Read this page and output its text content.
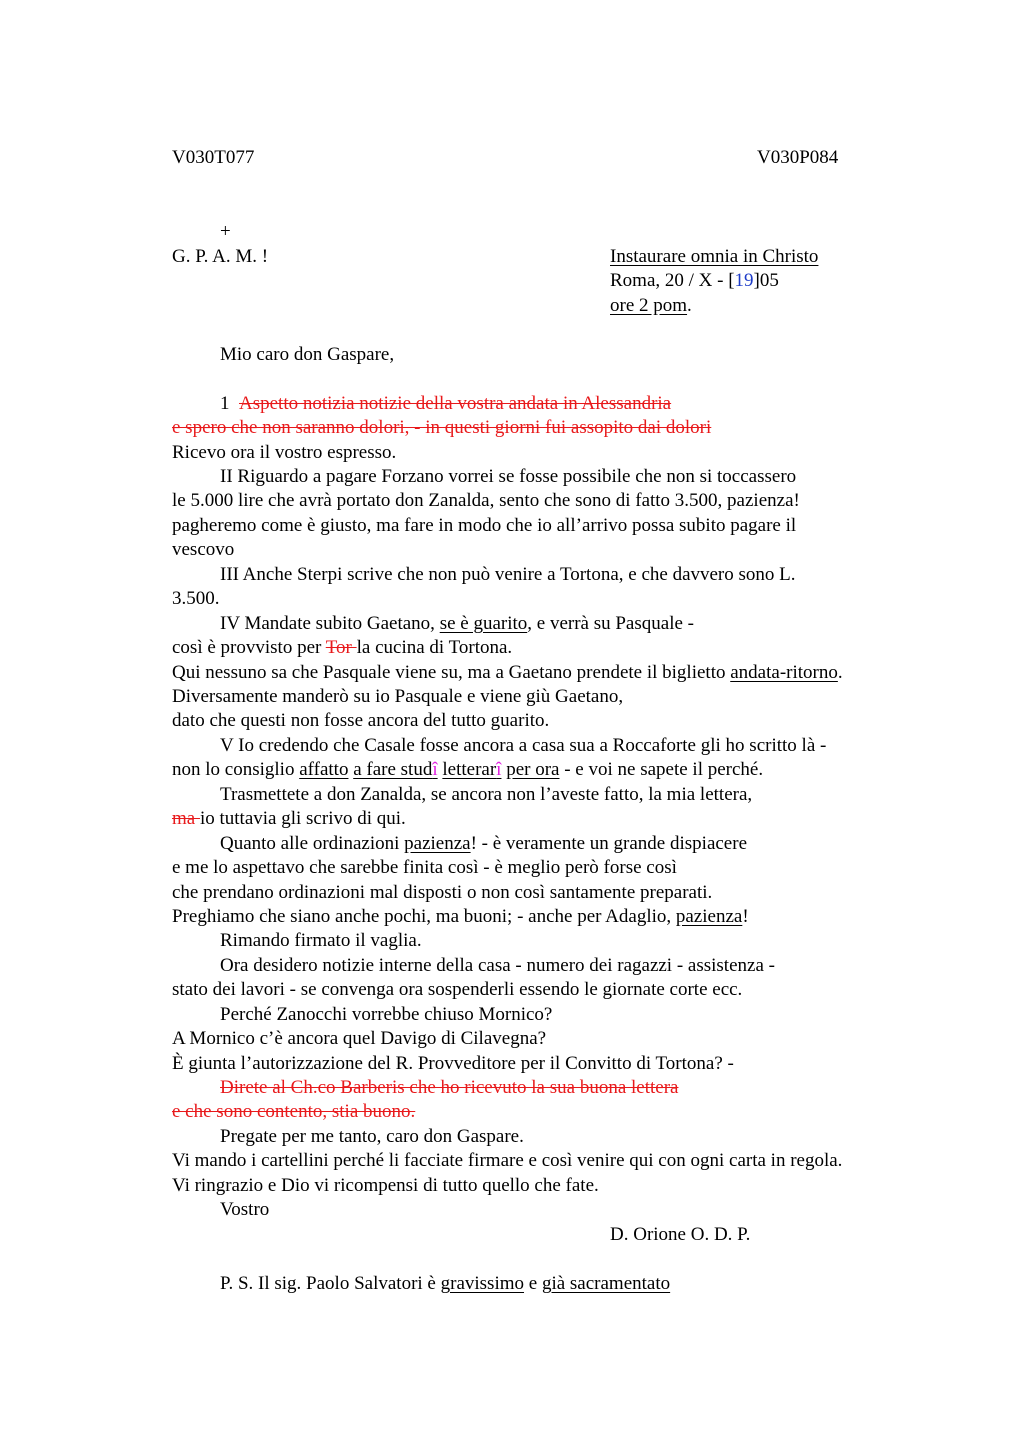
V030T077	V030P084
+
G. P. A. M. !	Instaurare omnia in Christo
Roma, 20 / X - [19]05
ore 2 pom.
Mio caro don Gaspare,
1 Aspetto notizia notizie della vostra andata in Alessandria
e spero che non saranno dolori, - in questi giorni fui assopito dai dolori
Ricevo ora il vostro espresso.
II Riguardo a pagare Forzano vorrei se fosse possibile che non si toccassero
le 5.000 lire che avrà portato don Zanalda, sento che sono di fatto 3.500, pazienza!
pagheremo come è giusto, ma fare in modo che io all’arrivo possa subito pagare il
vescovo
III Anche Sterpi scrive che non può venire a Tortona, e che davvero sono L.
3.500.
IV Mandate subito Gaetano, se è guarito, e verrà su Pasquale -
così è provvisto per Tor la cucina di Tortona.
Qui nessuno sa che Pasquale viene su, ma a Gaetano prendete il biglietto andata-ritorno.
Diversamente manderò su io Pasquale e viene giù Gaetano,
dato che questi non fosse ancora del tutto guarito.
V Io credendo che Casale fosse ancora a casa sua a Roccaforte gli ho scritto là -
non lo consiglio affatto a fare studî letterarî per ora - e voi ne sapete il perché.
Trasmettete a don Zanalda, se ancora non l’aveste fatto, la mia lettera,
ma io tuttavia gli scrivo di qui.
Quanto alle ordinazioni pazienza! - è veramente un grande dispiacere
e me lo aspettavo che sarebbe finita così - è meglio però forse così
che prendano ordinazioni mal disposti o non così santamente preparati.
Preghiamo che siano anche pochi, ma buoni; - anche per Adaglio, pazienza!
Rimando firmato il vaglia.
Ora desidero notizie interne della casa - numero dei ragazzi - assistenza -
stato dei lavori - se convenga ora sospenderli essendo le giornate corte ecc.
Perché Zanocchi vorrebbe chiuso Mornico?
A Mornico c’è ancora quel Davigo di Cilavegna?
È giunta l’autorizzazione del R. Provveditore per il Convitto di Tortona? -
Direte al Ch.co Barberis che ho ricevuto la sua buona lettera
e che sono contento, stia buono.
Pregate per me tanto, caro don Gaspare.
Vi mando i cartellini perché li facciate firmare e così venire qui con ogni carta in regola.
Vi ringrazio e Dio vi ricompensi di tutto quello che fate.
Vostro
D. Orione O. D. P.
P. S. Il sig. Paolo Salvatori è gravissimo e già sacramentato
